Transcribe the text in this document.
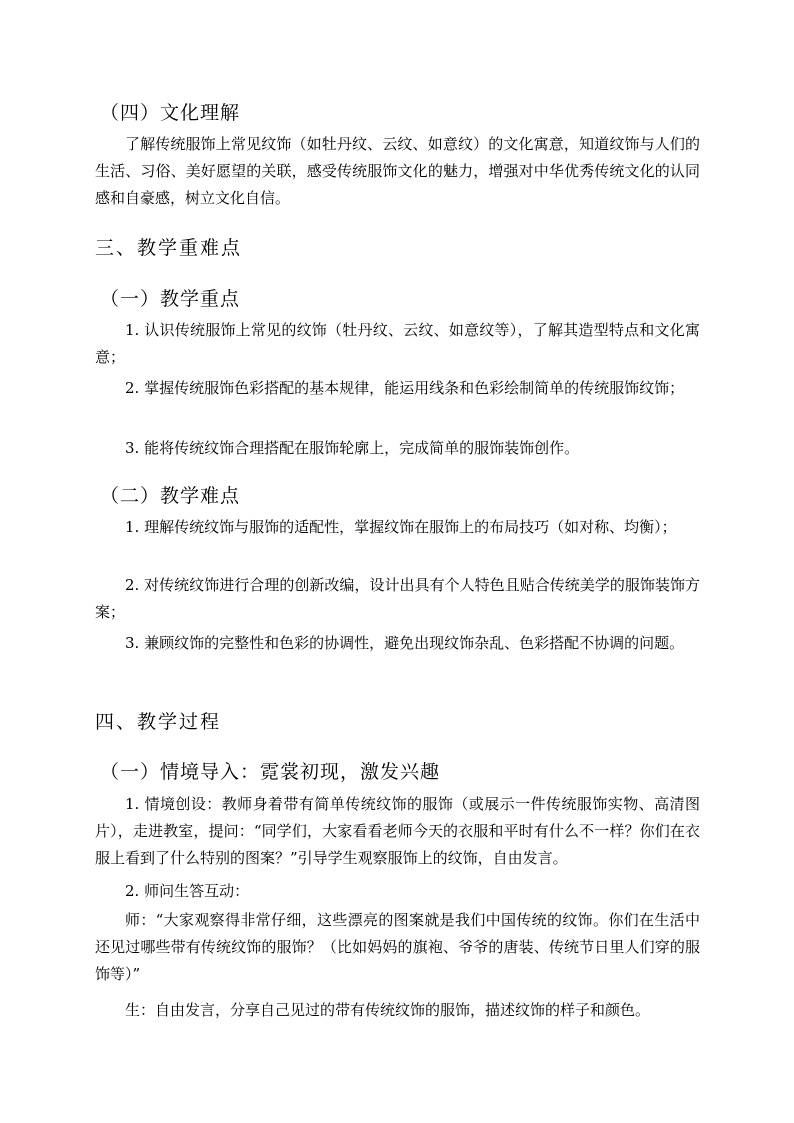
（四）文化理解
了解传统服饰上常见纹饰（如牡丹纹、云纹、如意纹）的文化寓意，知道纹饰与人们的生活、习俗、美好愿望的关联，感受传统服饰文化的魅力，增强对中华优秀传统文化的认同感和自豪感，树立文化自信。
三、教学重难点
（一）教学重点
1. 认识传统服饰上常见的纹饰（牡丹纹、云纹、如意纹等），了解其造型特点和文化寓意；
2. 掌握传统服饰色彩搭配的基本规律，能运用线条和色彩绘制简单的传统服饰纹饰；
3. 能将传统纹饰合理搭配在服饰轮廓上，完成简单的服饰装饰创作。
（二）教学难点
1. 理解传统纹饰与服饰的适配性，掌握纹饰在服饰上的布局技巧（如对称、均衡）；
2. 对传统纹饰进行合理的创新改编，设计出具有个人特色且贴合传统美学的服饰装饰方案；
3. 兼顾纹饰的完整性和色彩的协调性，避免出现纹饰杂乱、色彩搭配不协调的问题。
四、教学过程
（一）情境导入：霓裳初现，激发兴趣
1. 情境创设：教师身着带有简单传统纹饰的服饰（或展示一件传统服饰实物、高清图片），走进教室，提问：“同学们，大家看看老师今天的衣服和平时有什么不一样？你们在衣服上看到了什么特别的图案？”引导学生观察服饰上的纹饰，自由发言。
2. 师问生答互动：
师：“大家观察得非常仔细，这些漂亮的图案就是我们中国传统的纹饰。你们在生活中还见过哪些带有传统纹饰的服饰？（比如妈妈的旗袍、爷爷的唐装、传统节日里人们穿的服饰等）”
生：自由发言，分享自己见过的带有传统纹饰的服饰，描述纹饰的样子和颜色。
